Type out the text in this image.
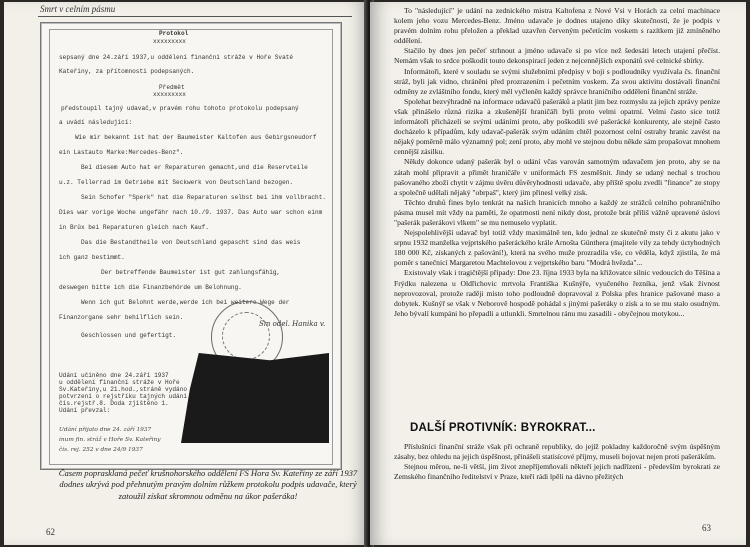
Smrt v celním pásmu
Protokol
xxxxxxxxx
sepsaný dne 24.září 1937,u oddělení finanční stráže v Hoře Svaté
Kateřiny, za přítomnosti podepsaných.
Předmět
xxxxxxxxx
předstoupil tajný udavač,v pravém rohu tohoto protokolu podepsaný
a uvádí následující:
Wie mir bekannt ist hat der Baumeister Kaltofen aus Gebirgsneudorf
ein Lastauto Marke:Mercedes-Benz".
Bei diesem Auto hat er Reparaturen gemacht,und die Reservteile
u.z. Tellerrad im Getriebe mit Seckwerk von Deutschland bezogen.
Sein Schofer "Sperk" hat die Reparaturen selbst bei ihm vollbracht.
Dies war vorige Woche ungefähr nach 10./9. 1937. Das Auto war schon einm
in Brüx bei Reparaturen gleich nach Kauf.
Das die Bestandtheile von Deutschland gepascht sind das weis
ich ganz bestimmt.
Der betreffende Baumeister ist gut zahlungsfähig,
deswegen bitte ich die Finanzbehörde um Belohnung.
Wenn ich gut Belohnt werde,werde ich bei weitere Wege der
Finanzorgane sehr behilflich sein.
Geschlossen und gefertigt.
Sm odel. Hanika v.
Udání učiněno dne 24.září 1937
u oddělení finanční stráže v Hoře
Sv.Kateřiny,u 21.hod.,stráně vydáno
potvrzení o rejstříku tajných udání
čís.rejstř.8. Doda zjištěno 1.
Udání převzal:
Udání přijato dne 24. září 1937
inum fin. stráž v Hoře Sv. Kateřiny
čis. rej. 252 v dne 24/9 1937
Časem poprasklaná pečeť krušnohorského oddělení FS Hora Sv. Kateřiny ze září 1937 dodnes ukrývá pod přehnutým pravým dolním růžkem protokolu podpis udavače, který zatoužil získat skromnou odměnu na úkor pašeráka!
62

To "následující" je udání na zednického mistra Kaltofena z Nové Vsi v Horách za celní machinace kolem jeho vozu Mercedes-Benz. Jméno udavače je dodnes utajeno díky skutečnosti, že je podpis v pravém dolním rohu přeložen a překlad uzavřen červeným pečetícím voskem s razítkem již zmíněného oddělení.

Stačilo by dnes jen pečeť strhnout a jméno udavače si po více než šedesáti letech utajení přečíst. Nemám však to srdce poškodit touto dekonspirací jeden z nejcennějších exponátů své celnické sbírky.

Informátoři, které v souladu se svými služebními předpisy v boji s podloudníky využívala čs. finanční stráž, byli jak vidno, chráněni před prozrazením i pečetním voskem. Za svou aktivitu dostávali finanční odměny ze zvláštního fondu, který měl vyčleněn každý správce hraničního oddělení finanční stráže.

Spolehat bezvýhradně na informace udavačů pašeráků a platit jim bez rozmyslu za jejich zprávy peníze však přinášelo různá rizika a zkušenější hraničáři byli proto velmi opatrní. Velmi často sice totiž informátoři přicházeli se svými udáními proto, aby poškodili své pašerácké konkurenty, ale stejně často docházelo k případům, kdy udavač-pašerák svým udáním chtěl pozornost celní ostrahy hranic zavést na nějaký poměrně málo významný pol; zení proto, aby mohl ve stejnou dobu někde sám propašovat mnohem cennější zásilku.

Někdy dokonce udaný pašerák byl o udání včas varován samotným udavačem jen proto, aby se na zátah mohl připravit a přimět hraničáře v uniformách FS zesměšnit. Jindy se udaný nechal s trochou pašovaného zboží chytit v zájmu úvěru důvěryhodnosti udavače, aby příště spolu zvedli "finance" ze stopy a společně udělali nějaký "obrpaš", který jim přinesl velký zisk.

Těchto druhů fines bylo tenkrát na našich hranicích mnoho a každý ze strážců celního pohraničního pásma musel mít vždy na paměti, že opatrnosti není nikdy dost, protože brát příliš vážně upravené úslovi "pašerák pašerákovi vlkem" se mu nemuselo vyplatit.

Nejspolehlivější udavač byl totiž vždy maximálně ten, kdo jednal ze skutečně msty či z akutu jako v srpnu 1932 manželka vejprtského pašeráckého krále Arnošta Günthera (majitele vily za tehdy úctyhodných 180 000 Kč, získaných z pašování!), která na svého muže prozradila vše, co věděla, když zjistila, že má poměr s tanečnicí Margaretou Machtelovou z vejprtského baru "Modrá hvězda"...

Existovaly však i tragičtější případy: Dne 23. října 1933 byla na křižovatce silnic vedoucích do Těšína a Frýdku nalezena u Oldřichovic mrtvola Františka Kušnýře, vyučeného řezníka, jenž však živnost neprovozoval, protože raději místo toho podloudně dopravoval z Polska přes hranice pašované maso a dobytek. Kušnýř se však v Neborově hospodě pohádal s jinými pašeráky o zisk a to se mu stalo osudným. Jeho bývalí kumpáni ho přepadli a utlunkli. Smrtelnou ránu mu zasadili - obyčejnou motykou...

DALŠÍ PROTIVNÍK: BYROKRAT...

Příslušníci finanční stráže však při ochraně republiky, do jejíž pokladny každoročně svým úspěšným zásahy, bez ohledu na jejich úspěšnost, přinášeli statisícové příjmy, museli bojovat nejen proti pašerákům.

Stejnou měrou, ne-li větší, jim život znepříjemňovali někteří jejich nadřízení - především byrokrati ze Zemského finančního ředitelství v Praze, kteří rádi lpěli na dávno přežitých

63
